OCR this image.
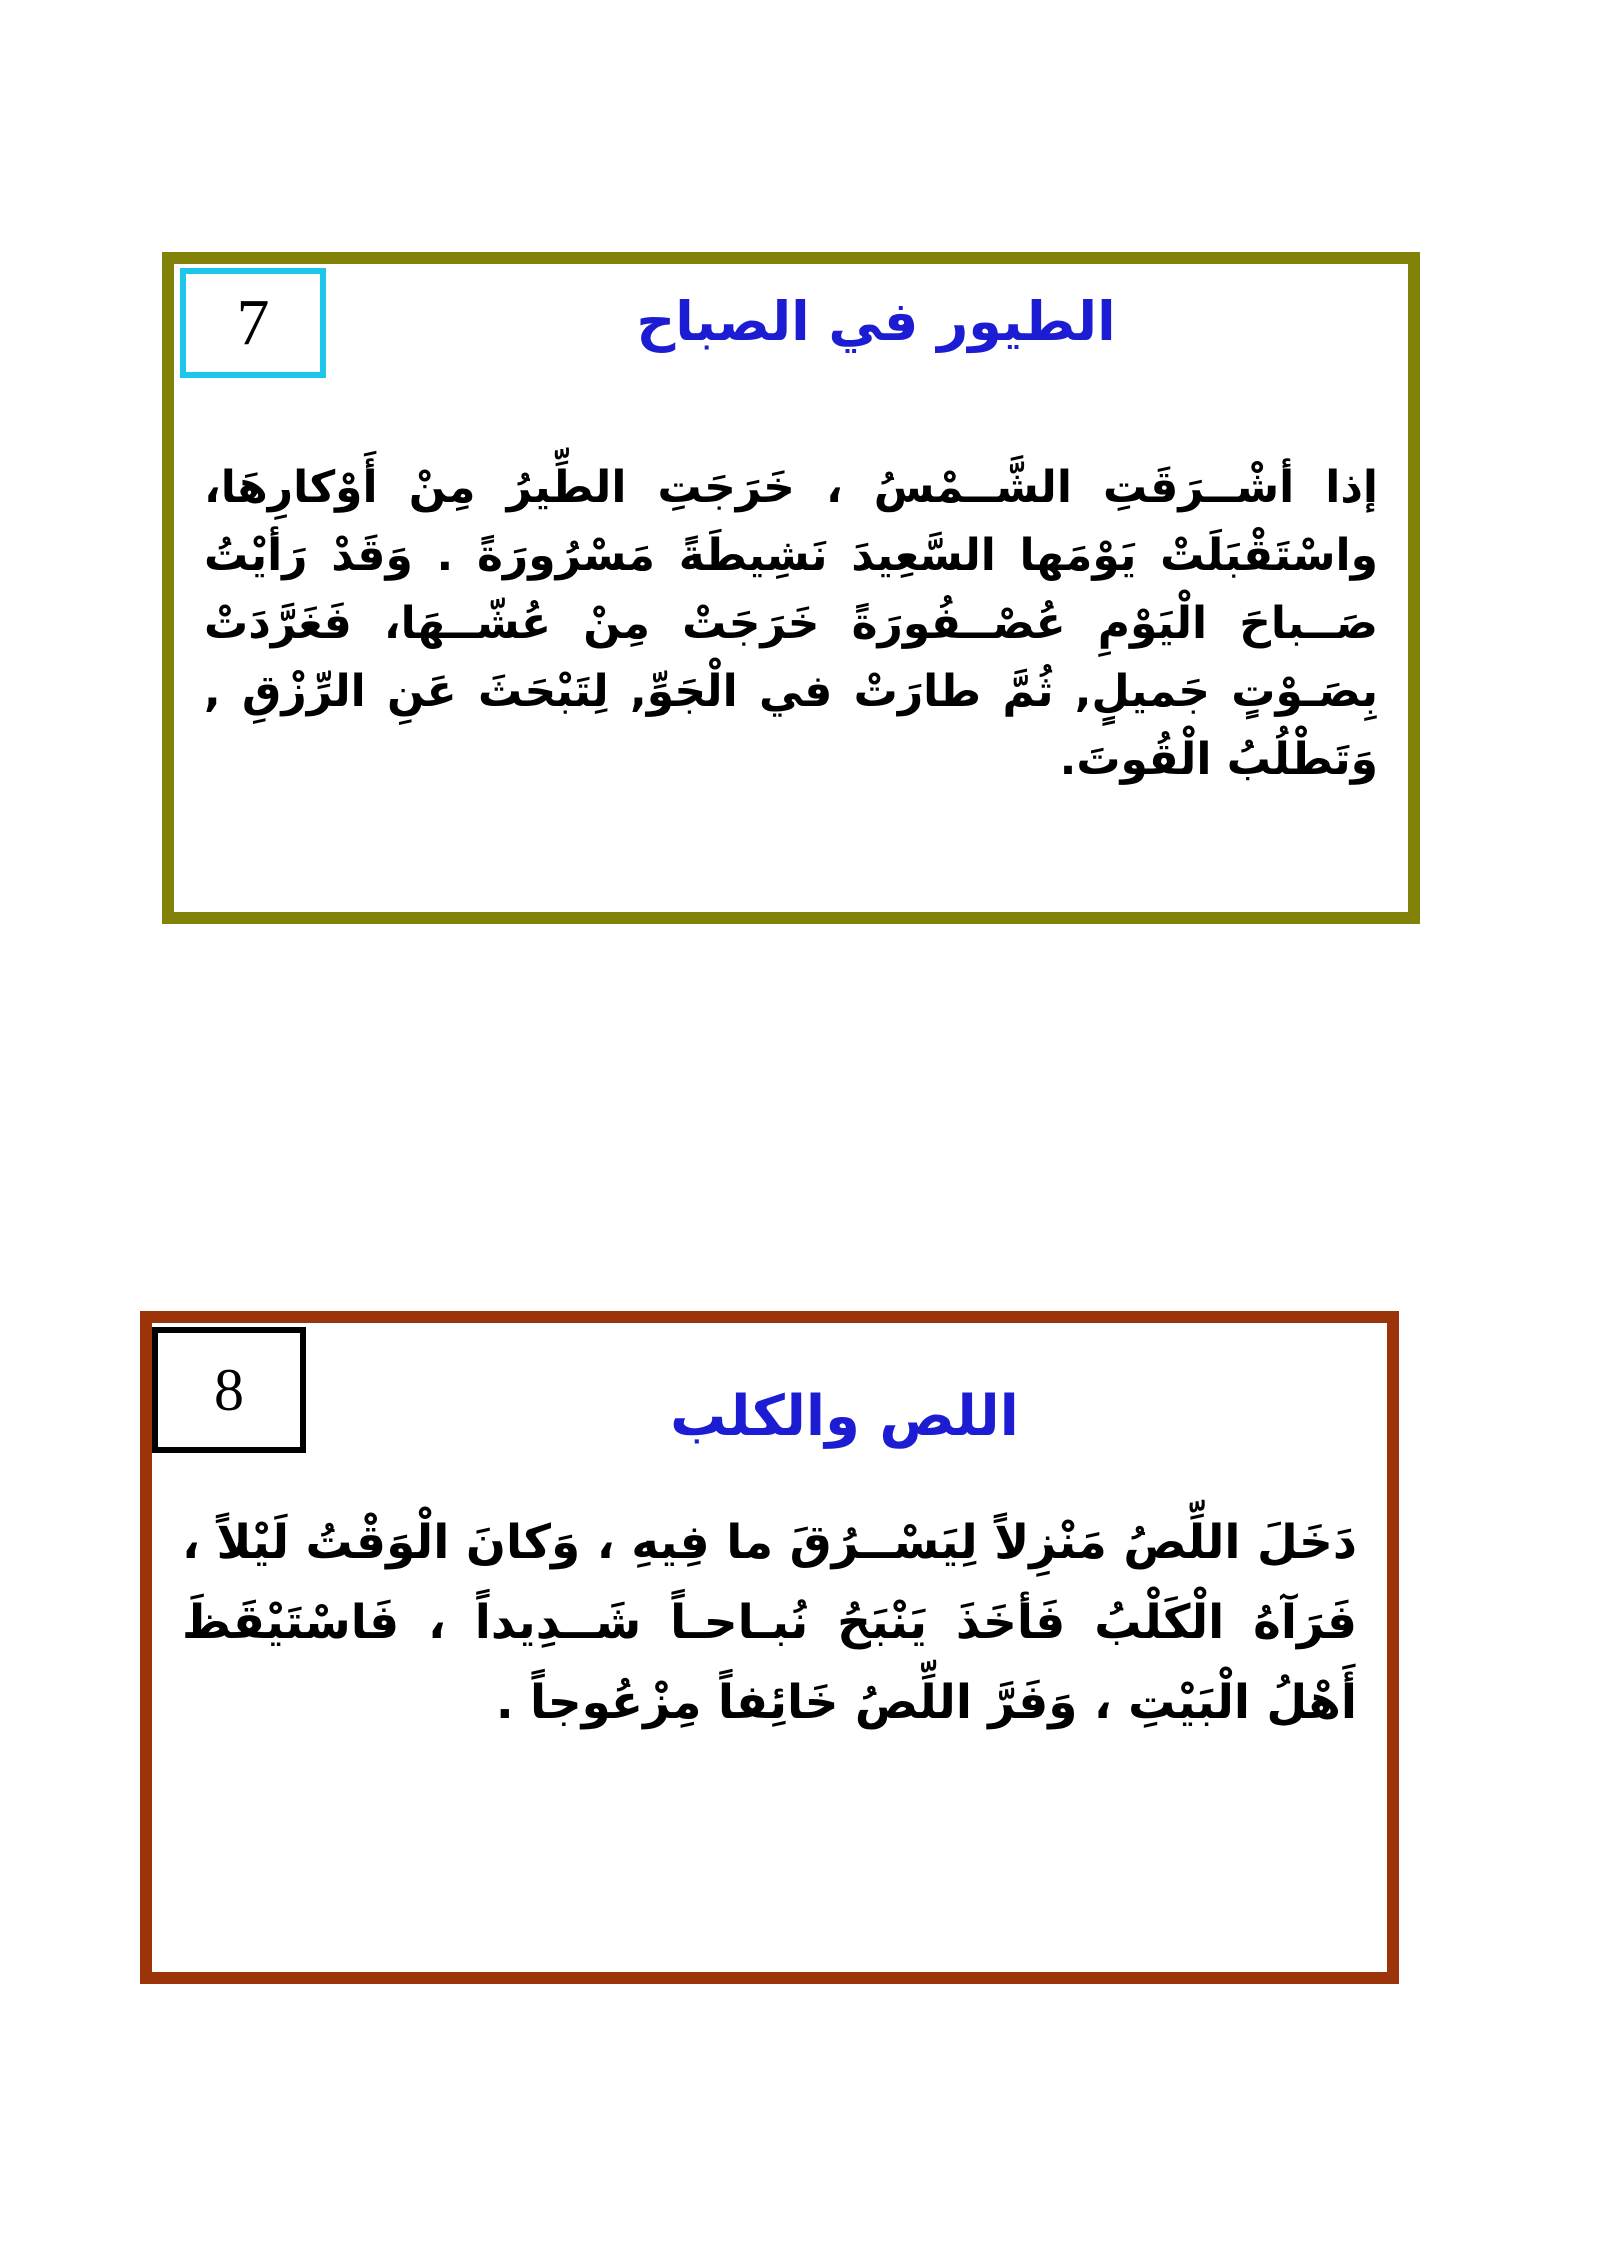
7	الطيور في الصباح

إذا أشْــرَقَتِ الشَّــمْسُ ، خَرَجَتِ الطِّيرُ مِنْ أَوْكارِهَا، واسْتَقْبَلَتْ يَوْمَها السَّعِيدَ نَشِيطَةً مَسْرُورَةً . وَقَدْ رَأيْتُ صَــباحَ الْيَوْمِ عُصْــفُورَةً خَرَجَتْ مِنْ عُشّــهَا، فَغَرَّدَتْ بِصَـوْتٍ جَميلٍ, ثُمَّ طارَتْ في الْجَوِّ, لِتَبْحَثَ عَنِ الرِّزْقِ , وَتَطْلُبُ الْقُوتَ.

8	اللص والكلب

دَخَلَ اللِّصُ مَنْزِلاً لِيَسْــرُقَ ما فِيهِ ، وَكانَ الْوَقْتُ لَيْلاً ، فَرَآهُ الْكَلْبُ فَأخَذَ يَنْبَحُ نُبـاحـاً شَــدِيداً ، فَاسْتَيْقَظَ أَهْلُ الْبَيْتِ ، وَفَرَّ اللِّصُ خَائِفاً مِزْعُوجاً .
